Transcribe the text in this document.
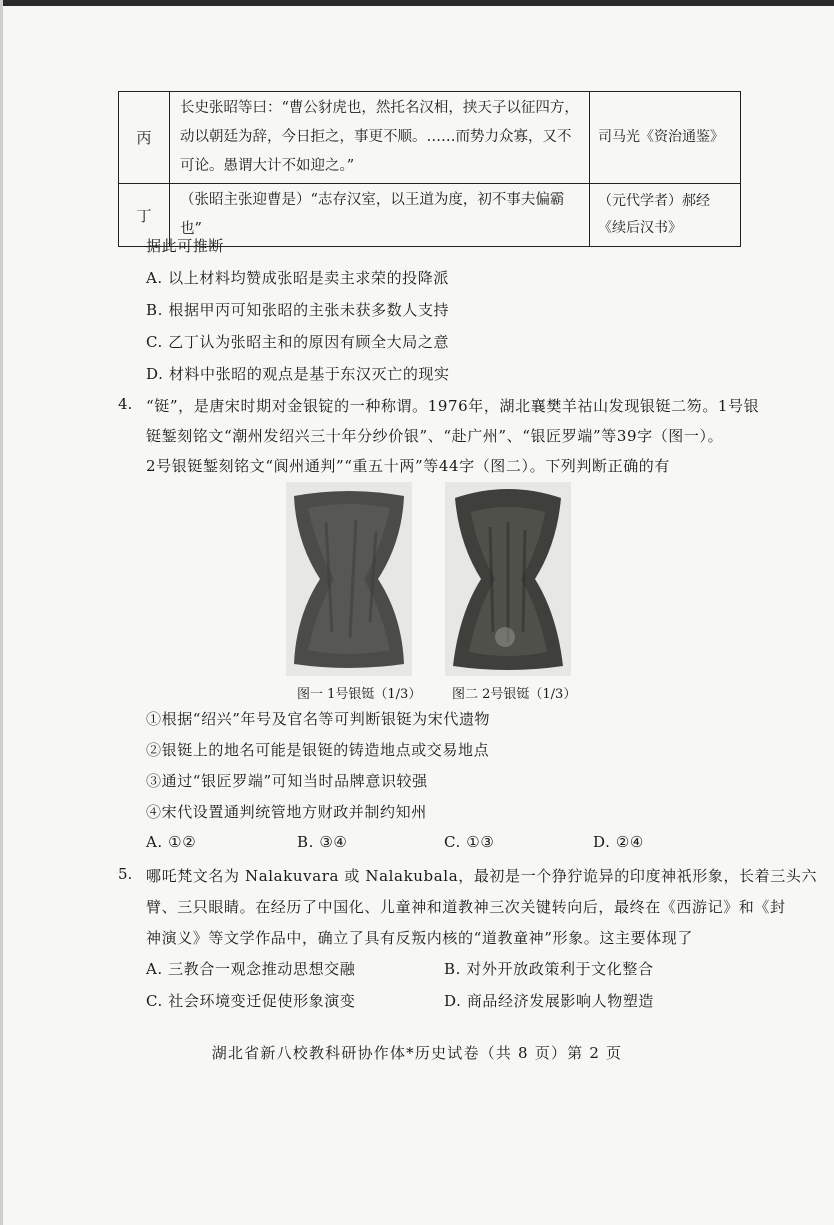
丙	长史张昭等曰：“曹公豺虎也，然托名汉相，挟天子以征四方，动以朝廷为辞，今日拒之，事更不顺。……而势力众寡，又不可论。愚谓大计不如迎之。”	司马光《资治通鉴》
丁	（张昭主张迎曹是）“志存汉室，以王道为度，初不事夫偏霸也”	（元代学者）郝经《续后汉书》
据此可推断
A. 以上材料均赞成张昭是卖主求荣的投降派
B. 根据甲丙可知张昭的主张未获多数人支持
C. 乙丁认为张昭主和的原因有顾全大局之意
D. 材料中张昭的观点是基于东汉灭亡的现实
4. “铤”，是唐宋时期对金银锭的一种称谓。1976年，湖北襄樊羊祜山发现银铤二笏。1号银
铤錾刻铭文“潮州发绍兴三十年分纱价银”、“赴广州”、“银匠罗端”等39字（图一）。
2号银铤錾刻铭文“阆州通判”“重五十两”等44字（图二）。下列判断正确的有
图一 1号银铤（1/3） 图二 2号银铤（1/3）
①根据“绍兴”年号及官名等可判断银铤为宋代遗物
②银铤上的地名可能是银铤的铸造地点或交易地点
③通过“银匠罗端”可知当时品牌意识较强
④宋代设置通判统管地方财政并制约知州
A. ①②	B. ③④	C. ①③	D. ②④
5. 哪吒梵文名为 Nalakuvara 或 Nalakubala，最初是一个狰狞诡异的印度神祇形象，长着三头六
臂、三只眼睛。在经历了中国化、儿童神和道教神三次关键转向后，最终在《西游记》和《封
神演义》等文学作品中，确立了具有反叛内核的“道教童神”形象。这主要体现了
A. 三教合一观念推动思想交融	B. 对外开放政策利于文化整合
C. 社会环境变迁促使形象演变	D. 商品经济发展影响人物塑造
湖北省新八校教科研协作体*历史试卷（共 8 页）第 2 页
